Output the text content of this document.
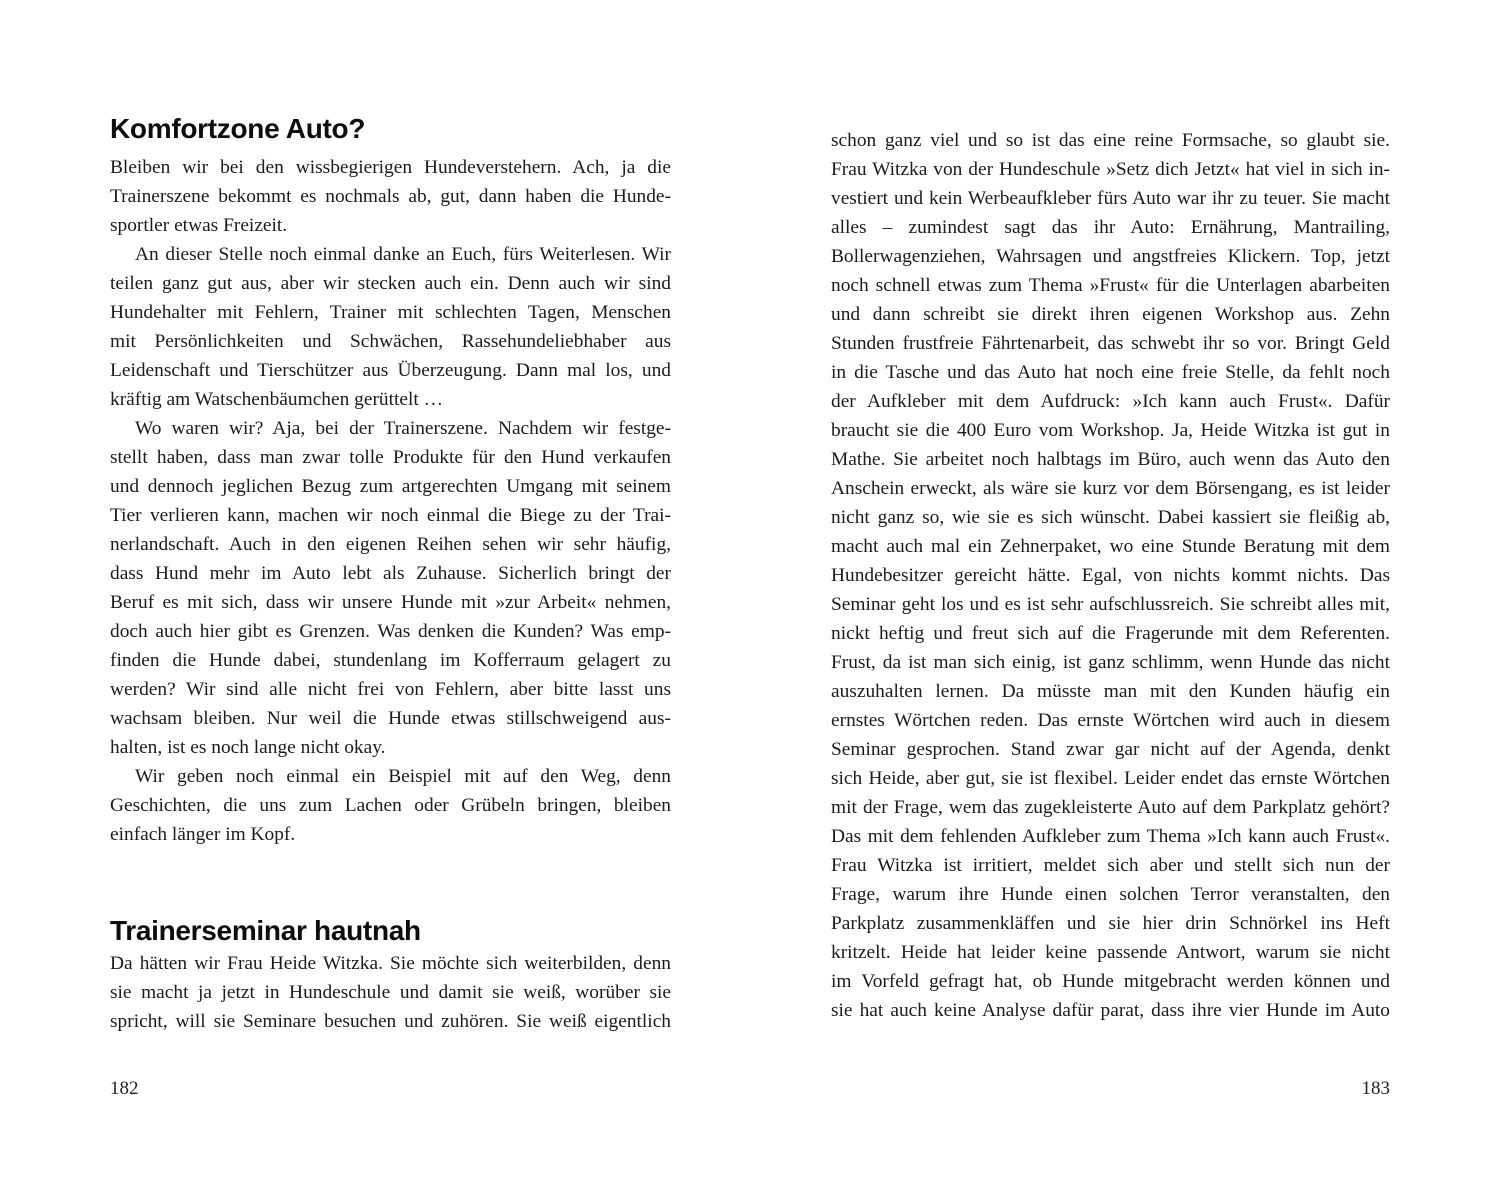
Komfortzone Auto?
Bleiben wir bei den wissbegierigen Hundeverstehern. Ach, ja die
Trainerszene bekommt es nochmals ab, gut, dann haben die Hunde-
sportler etwas Freizeit.
An dieser Stelle noch einmal danke an Euch, fürs Weiterlesen. Wir
teilen ganz gut aus, aber wir stecken auch ein. Denn auch wir sind
Hundehalter mit Fehlern, Trainer mit schlechten Tagen, Menschen
mit Persönlichkeiten und Schwächen, Rassehundeliebhaber aus
Leidenschaft und Tierschützer aus Überzeugung. Dann mal los, und
kräftig am Watschenbäumchen gerüttelt …
Wo waren wir? Aja, bei der Trainerszene. Nachdem wir festge-
stellt haben, dass man zwar tolle Produkte für den Hund verkaufen
und dennoch jeglichen Bezug zum artgerechten Umgang mit seinem
Tier verlieren kann, machen wir noch einmal die Biege zu der Trai-
nerlandschaft. Auch in den eigenen Reihen sehen wir sehr häufig,
dass Hund mehr im Auto lebt als Zuhause. Sicherlich bringt der
Beruf es mit sich, dass wir unsere Hunde mit »zur Arbeit« nehmen,
doch auch hier gibt es Grenzen. Was denken die Kunden? Was emp-
finden die Hunde dabei, stundenlang im Kofferraum gelagert zu
werden? Wir sind alle nicht frei von Fehlern, aber bitte lasst uns
wachsam bleiben. Nur weil die Hunde etwas stillschweigend aus-
halten, ist es noch lange nicht okay.
Wir geben noch einmal ein Beispiel mit auf den Weg, denn
Geschichten, die uns zum Lachen oder Grübeln bringen, bleiben
einfach länger im Kopf.
Trainerseminar hautnah
Da hätten wir Frau Heide Witzka. Sie möchte sich weiterbilden, denn
sie macht ja jetzt in Hundeschule und damit sie weiß, worüber sie
spricht, will sie Seminare besuchen und zuhören. Sie weiß eigentlich
schon ganz viel und so ist das eine reine Formsache, so glaubt sie.
Frau Witzka von der Hundeschule »Setz dich Jetzt« hat viel in sich in-
vestiert und kein Werbeaufkleber fürs Auto war ihr zu teuer. Sie macht
alles – zumindest sagt das ihr Auto: Ernährung, Mantrailing,
Bollerwagenziehen, Wahrsagen und angstfreies Klickern. Top, jetzt
noch schnell etwas zum Thema »Frust« für die Unterlagen abarbeiten
und dann schreibt sie direkt ihren eigenen Workshop aus. Zehn
Stunden frustfreie Fährtenarbeit, das schwebt ihr so vor. Bringt Geld
in die Tasche und das Auto hat noch eine freie Stelle, da fehlt noch
der Aufkleber mit dem Aufdruck: »Ich kann auch Frust«. Dafür
braucht sie die 400 Euro vom Workshop. Ja, Heide Witzka ist gut in
Mathe. Sie arbeitet noch halbtags im Büro, auch wenn das Auto den
Anschein erweckt, als wäre sie kurz vor dem Börsengang, es ist leider
nicht ganz so, wie sie es sich wünscht. Dabei kassiert sie fleißig ab,
macht auch mal ein Zehnerpaket, wo eine Stunde Beratung mit dem
Hundebesitzer gereicht hätte. Egal, von nichts kommt nichts. Das
Seminar geht los und es ist sehr aufschlussreich. Sie schreibt alles mit,
nickt heftig und freut sich auf die Fragerunde mit dem Referenten.
Frust, da ist man sich einig, ist ganz schlimm, wenn Hunde das nicht
auszuhalten lernen. Da müsste man mit den Kunden häufig ein
ernstes Wörtchen reden. Das ernste Wörtchen wird auch in diesem
Seminar gesprochen. Stand zwar gar nicht auf der Agenda, denkt
sich Heide, aber gut, sie ist flexibel. Leider endet das ernste Wörtchen
mit der Frage, wem das zugekleisterte Auto auf dem Parkplatz gehört?
Das mit dem fehlenden Aufkleber zum Thema »Ich kann auch Frust«.
Frau Witzka ist irritiert, meldet sich aber und stellt sich nun der
Frage, warum ihre Hunde einen solchen Terror veranstalten, den
Parkplatz zusammenkläffen und sie hier drin Schnörkel ins Heft
kritzelt. Heide hat leider keine passende Antwort, warum sie nicht
im Vorfeld gefragt hat, ob Hunde mitgebracht werden können und
sie hat auch keine Analyse dafür parat, dass ihre vier Hunde im Auto
182	183
